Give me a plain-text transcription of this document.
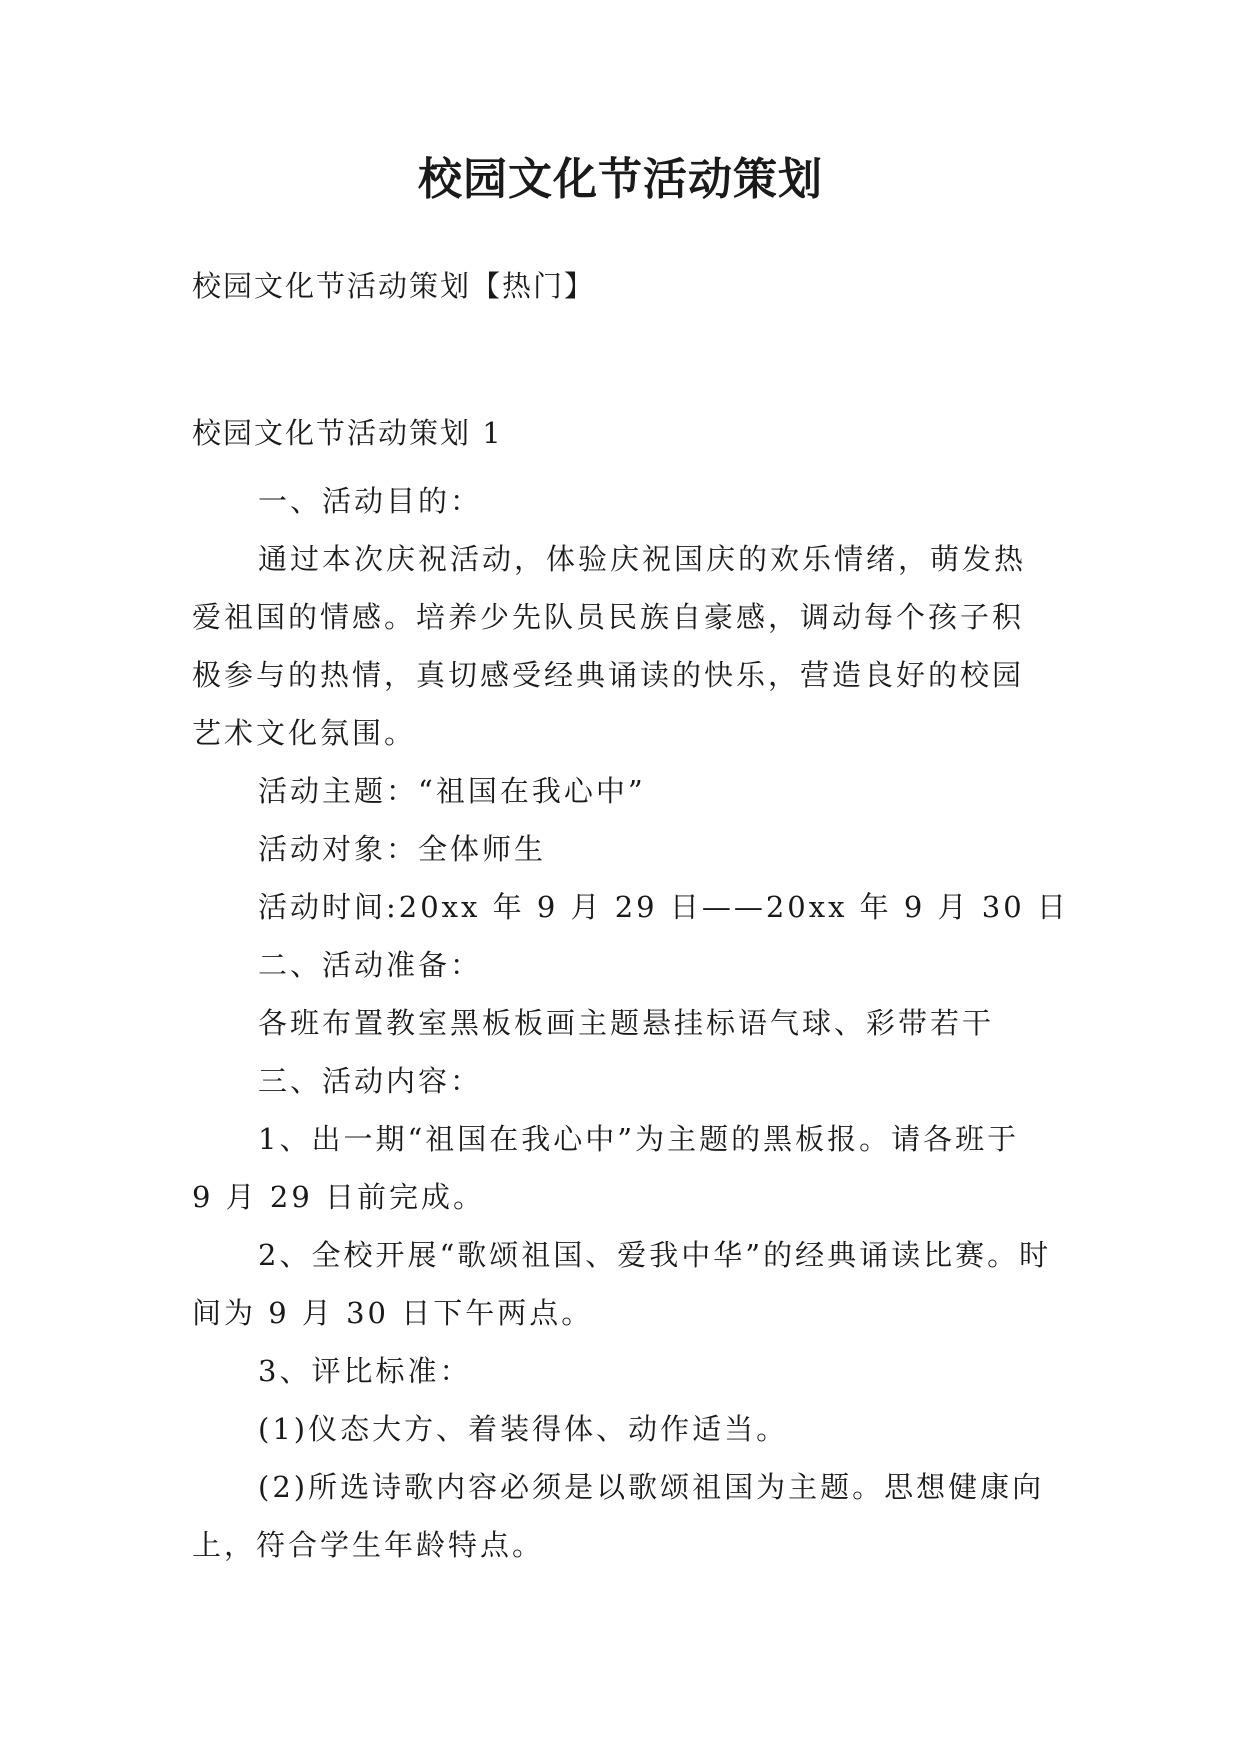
校园文化节活动策划
校园文化节活动策划【热门】
校园文化节活动策划 1

一、活动目的：

通过本次庆祝活动，体验庆祝国庆的欢乐情绪，萌发热爱祖国的情感。培养少先队员民族自豪感，调动每个孩子积极参与的热情，真切感受经典诵读的快乐，营造良好的校园艺术文化氛围。

活动主题：“祖国在我心中”

活动对象：全体师生

活动时间:20xx 年 9 月 29 日——20xx 年 9 月 30 日

二、活动准备：

各班布置教室黑板板画主题悬挂标语气球、彩带若干

三、活动内容：

1、出一期“祖国在我心中”为主题的黑板报。请各班于 9 月 29 日前完成。

2、全校开展“歌颂祖国、爱我中华”的经典诵读比赛。时间为 9 月 30 日下午两点。

3、评比标准：

(1)仪态大方、着装得体、动作适当。

(2)所选诗歌内容必须是以歌颂祖国为主题。思想健康向上，符合学生年龄特点。
